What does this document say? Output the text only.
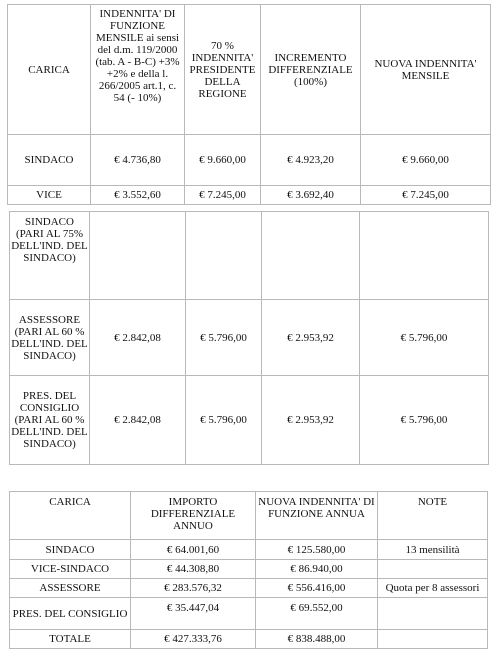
CARICA	INDENNITA' DI FUNZIONE MENSILE ai sensi del d.m. 119/2000 (tab. A - B-C) +3% +2% e della l. 266/2005 art.1, c. 54 (- 10%)	70 % INDENNITA' PRESIDENTE DELLA REGIONE	INCREMENTO DIFFERENZIALE (100%)	NUOVA INDENNITA' MENSILE
SINDACO	€ 4.736,80	€ 9.660,00	€ 4.923,20	€ 9.660,00
VICE	€ 3.552,60	€ 7.245,00	€ 3.692,40	€ 7.245,00
SINDACO (PARI AL 75% DELL'IND. DEL SINDACO)				
ASSESSORE (PARI AL 60 % DELL'IND. DEL SINDACO)	€ 2.842,08	€ 5.796,00	€ 2.953,92	€ 5.796,00
PRES. DEL CONSIGLIO (PARI AL 60 % DELL'IND. DEL SINDACO)	€ 2.842,08	€ 5.796,00	€ 2.953,92	€ 5.796,00
CARICA	IMPORTO DIFFERENZIALE ANNUO	NUOVA INDENNITA' DI FUNZIONE ANNUA	NOTE
SINDACO	€ 64.001,60	€ 125.580,00	13 mensilità
VICE-SINDACO	€ 44.308,80	€ 86.940,00	
ASSESSORE	€ 283.576,32	€ 556.416,00	Quota per 8 assessori
PRES. DEL CONSIGLIO	€ 35.447,04	€ 69.552,00	
TOTALE	€ 427.333,76	€ 838.488,00	
